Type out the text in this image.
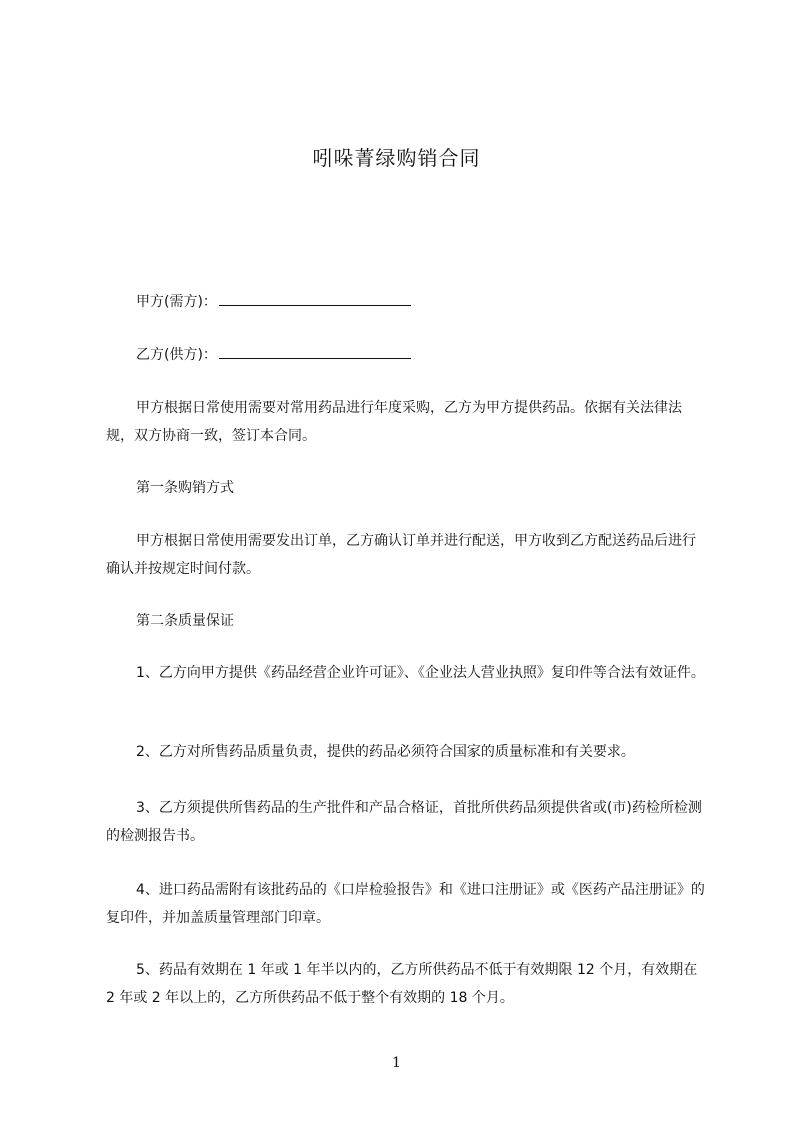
吲哚菁绿购销合同
甲方(需方)：
乙方(供方)：

甲方根据日常使用需要对常用药品进行年度采购，乙方为甲方提供药品。依据有关法律法规，双方协商一致，签订本合同。

第一条购销方式

甲方根据日常使用需要发出订单，乙方确认订单并进行配送，甲方收到乙方配送药品后进行确认并按规定时间付款。

第二条质量保证

1、乙方向甲方提供《药品经营企业许可证》、《企业法人营业执照》复印件等合法有效证件。

2、乙方对所售药品质量负责，提供的药品必须符合国家的质量标准和有关要求。

3、乙方须提供所售药品的生产批件和产品合格证，首批所供药品须提供省或(市)药检所检测的检测报告书。

4、进口药品需附有该批药品的《口岸检验报告》和《进口注册证》或《医药产品注册证》的复印件，并加盖质量管理部门印章。

5、药品有效期在 1 年或 1 年半以内的，乙方所供药品不低于有效期限 12 个月，有效期在 2 年或 2 年以上的，乙方所供药品不低于整个有效期的 18 个月。

1
